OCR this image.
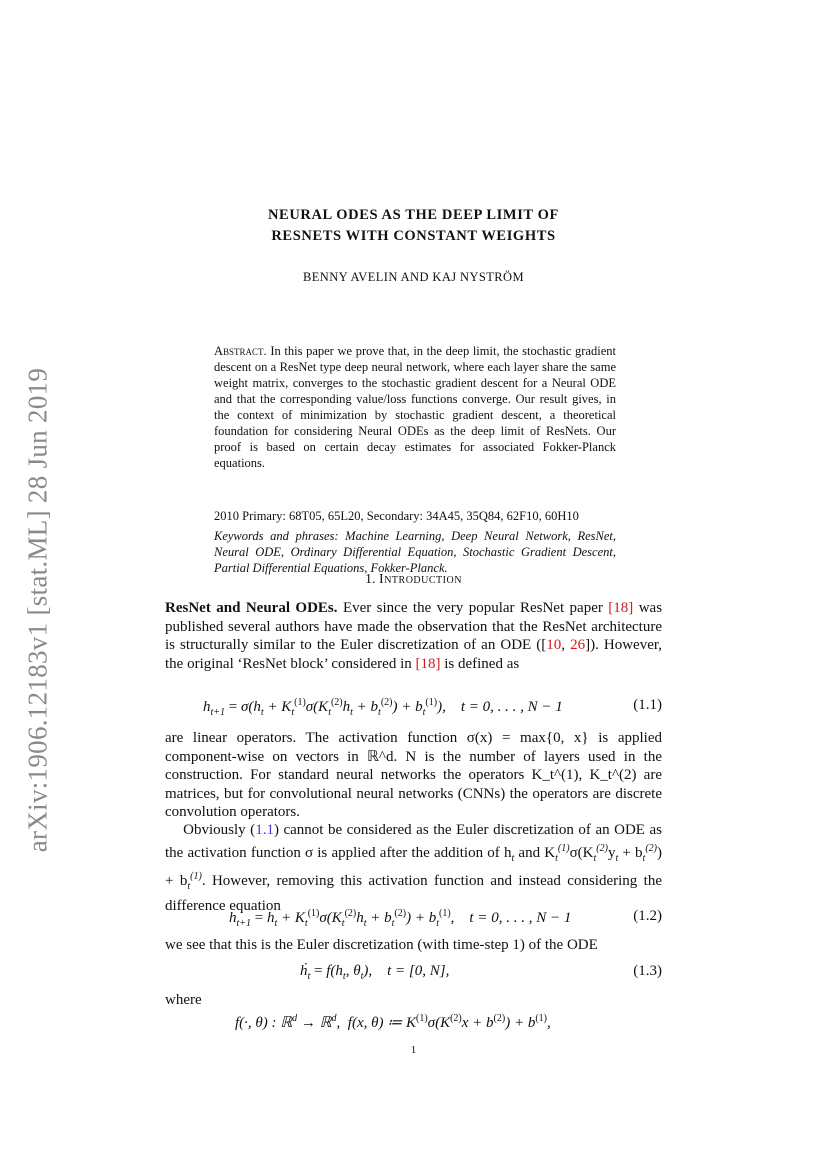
arXiv:1906.12183v1 [stat.ML] 28 Jun 2019
NEURAL ODES AS THE DEEP LIMIT OF
RESNETS WITH CONSTANT WEIGHTS
BENNY AVELIN AND KAJ NYSTRÖM
Abstract. In this paper we prove that, in the deep limit, the stochastic gradient descent on a ResNet type deep neural network, where each layer share the same weight matrix, converges to the stochastic gradient descent for a Neural ODE and that the corresponding value/loss functions converge. Our result gives, in the context of minimization by stochastic gradient descent, a theoretical foundation for considering Neural ODEs as the deep limit of ResNets. Our proof is based on certain decay estimates for associated Fokker-Planck equations.
2010 Primary: 68T05, 65L20, Secondary: 34A45, 35Q84, 62F10, 60H10
Keywords and phrases: Machine Learning, Deep Neural Network, ResNet, Neural ODE, Ordinary Differential Equation, Stochastic Gradient Descent, Partial Differential Equations, Fokker-Planck.
1. Introduction
ResNet and Neural ODEs. Ever since the very popular ResNet paper [18] was published several authors have made the observation that the ResNet architecture is structurally similar to the Euler discretization of an ODE ([10, 26]). However, the original ‘ResNet block’ considered in [18] is defined as
$h_{t+1} = \sigma(h_t + K_t^{(1)}\sigma(K_t^{(2)}h_t + b_t^{(2)}) + b_t^{(1)})$,    t = 0, . . . , N − 1	(1.1)
are linear operators. The activation function σ(x) = max{0, x} is applied component-wise on vectors in ℝ^d. N is the number of layers used in the construction. For standard neural networks the operators K_t^(1), K_t^(2) are matrices, but for convolutional neural networks (CNNs) the operators are discrete convolution operators.
Obviously (1.1) cannot be considered as the Euler discretization of an ODE as the activation function σ is applied after the addition of $h_t$ and $K_t^{(1)}\sigma(K_t^{(2)}y_t + b_t^{(2)}) + b_t^{(1)}$. However, removing this activation function and instead considering the difference equation
$h_{t+1} = h_t + K_t^{(1)}\sigma(K_t^{(2)}h_t + b_t^{(2)}) + b_t^{(1)}$,    t = 0, . . . , N − 1	(1.2)
we see that this is the Euler discretization (with time-step 1) of the ODE
ḣ$_t$ = $f(h_t$, $\theta_t$),    t = [0, N],	(1.3)
where
f(·, θ) : ℝ$^d$ → ℝ$^d$,  f(x, θ) ≔ $K^{(1)}\sigma(K^{(2)}x + b^{(2)}) + b^{(1)}$,
1
